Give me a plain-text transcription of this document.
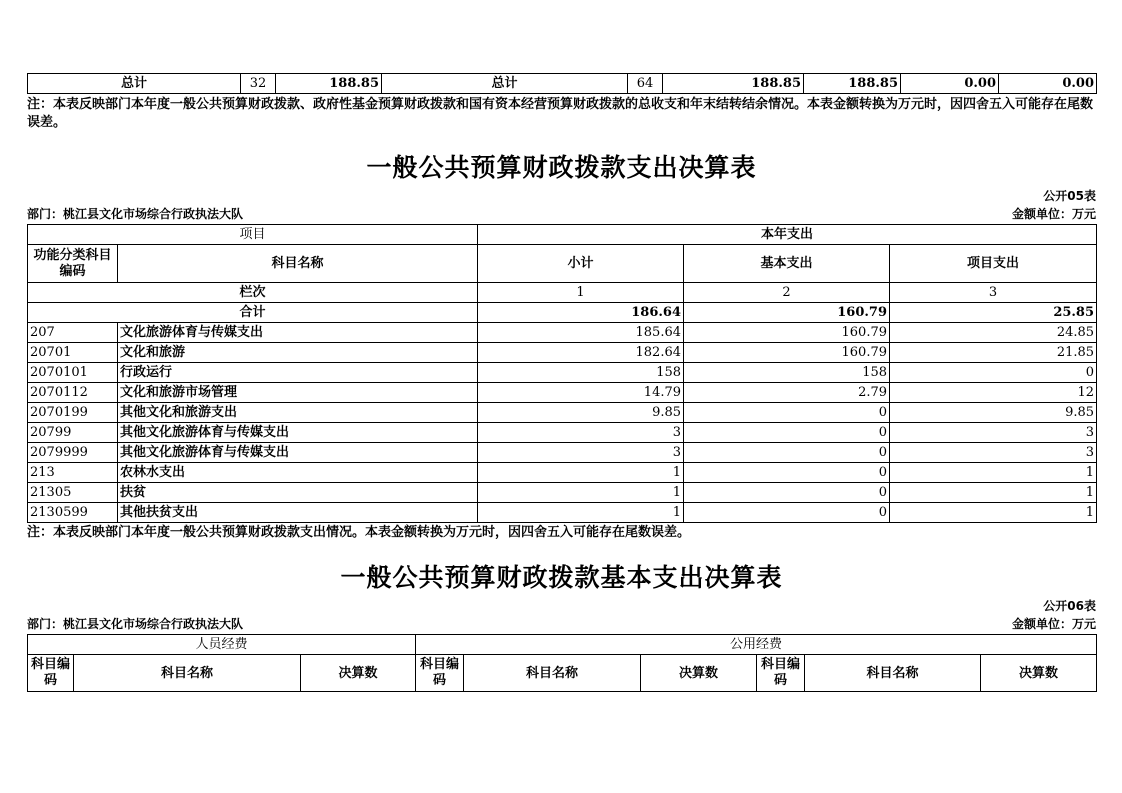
总计	32	188.85	总计	64	188.85	188.85	0.00	0.00
注：本表反映部门本年度一般公共预算财政拨款、政府性基金预算财政拨款和国有资本经营预算财政拨款的总收支和年末结转结余情况。本表金额转换为万元时，因四舍五入可能存在尾数误差。
一般公共预算财政拨款支出决算表
公开05表
部门：桃江县文化市场综合行政执法大队	金额单位：万元
项目		本年支出		
功能分类科目编码	科目名称	小计	基本支出	项目支出
栏次		1	2	3
合计		186.64	160.79	25.85
207	文化旅游体育与传媒支出	185.64	160.79	24.85
20701	文化和旅游	182.64	160.79	21.85
2070101	行政运行	158	158	0
2070112	文化和旅游市场管理	14.79	2.79	12
2070199	其他文化和旅游支出	9.85	0	9.85
20799	其他文化旅游体育与传媒支出	3	0	3
2079999	其他文化旅游体育与传媒支出	3	0	3
213	农林水支出	1	0	1
21305	扶贫	1	0	1
2130599	其他扶贫支出	1	0	1
注：本表反映部门本年度一般公共预算财政拨款支出情况。本表金额转换为万元时，因四舍五入可能存在尾数误差。
一般公共预算财政拨款基本支出决算表
公开06表
部门：桃江县文化市场综合行政执法大队	金额单位：万元
人员经费			公用经费					
科目编码	科目名称	决算数	科目编码	科目名称	决算数	科目编码	科目名称	决算数
